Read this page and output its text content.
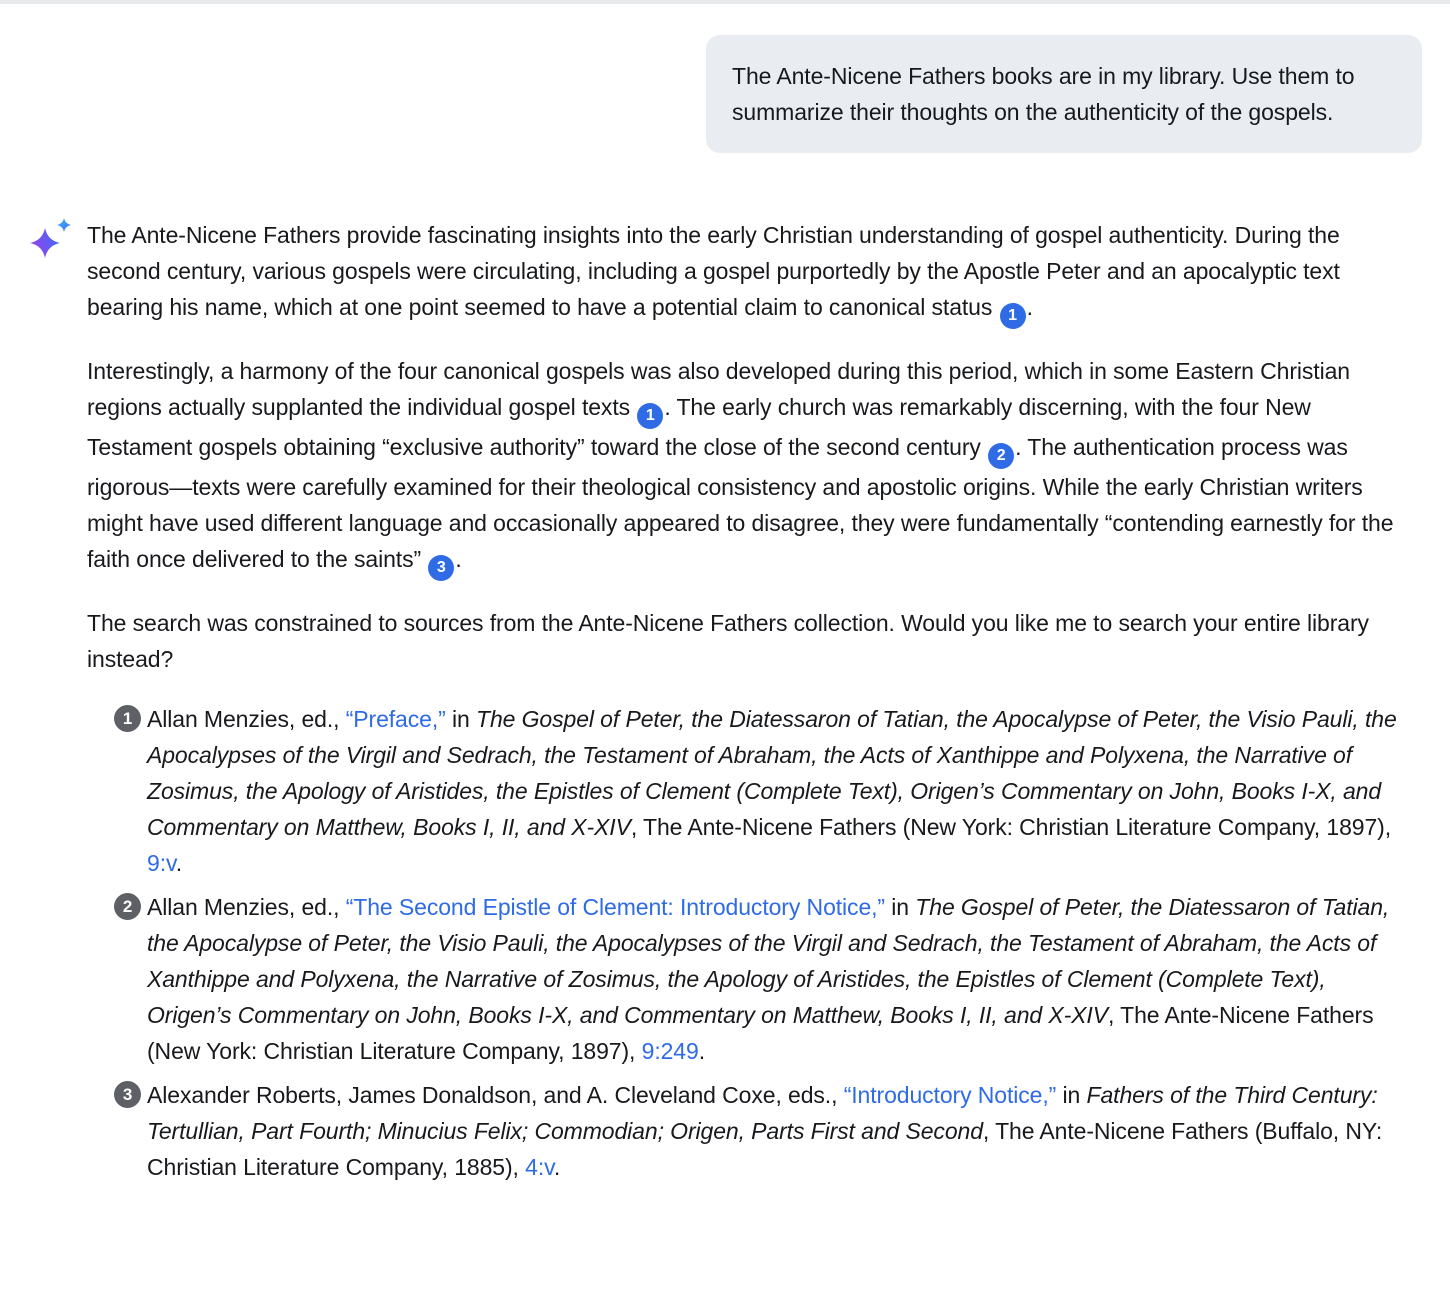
The Ante-Nicene Fathers books are in my library. Use them to summarize their thoughts on the authenticity of the gospels.

The Ante-Nicene Fathers provide fascinating insights into the early Christian understanding of gospel authenticity. During the second century, various gospels were circulating, including a gospel purportedly by the Apostle Peter and an apocalyptic text bearing his name, which at one point seemed to have a potential claim to canonical status 1 .

Interestingly, a harmony of the four canonical gospels was also developed during this period, which in some Eastern Christian regions actually supplanted the individual gospel texts 1 . The early church was remarkably discerning, with the four New Testament gospels obtaining “exclusive authority” toward the close of the second century 2 . The authentication process was rigorous—texts were carefully examined for their theological consistency and apostolic origins. While the early Christian writers might have used different language and occasionally appeared to disagree, they were fundamentally “contending earnestly for the faith once delivered to the saints” 3 .

The search was constrained to sources from the Ante-Nicene Fathers collection. Would you like me to search your entire library instead?

1 Allan Menzies, ed., “Preface,” in The Gospel of Peter, the Diatessaron of Tatian, the Apocalypse of Peter, the Visio Pauli, the Apocalypses of the Virgil and Sedrach, the Testament of Abraham, the Acts of Xanthippe and Polyxena, the Narrative of Zosimus, the Apology of Aristides, the Epistles of Clement (Complete Text), Origen’s Commentary on John, Books I-X, and Commentary on Matthew, Books I, II, and X-XIV, The Ante-Nicene Fathers (New York: Christian Literature Company, 1897), 9:v.
2 Allan Menzies, ed., “The Second Epistle of Clement: Introductory Notice,” in The Gospel of Peter, the Diatessaron of Tatian, the Apocalypse of Peter, the Visio Pauli, the Apocalypses of the Virgil and Sedrach, the Testament of Abraham, the Acts of Xanthippe and Polyxena, the Narrative of Zosimus, the Apology of Aristides, the Epistles of Clement (Complete Text), Origen’s Commentary on John, Books I-X, and Commentary on Matthew, Books I, II, and X-XIV, The Ante-Nicene Fathers (New York: Christian Literature Company, 1897), 9:249.
3 Alexander Roberts, James Donaldson, and A. Cleveland Coxe, eds., “Introductory Notice,” in Fathers of the Third Century: Tertullian, Part Fourth; Minucius Felix; Commodian; Origen, Parts First and Second, The Ante-Nicene Fathers (Buffalo, NY: Christian Literature Company, 1885), 4:v.
